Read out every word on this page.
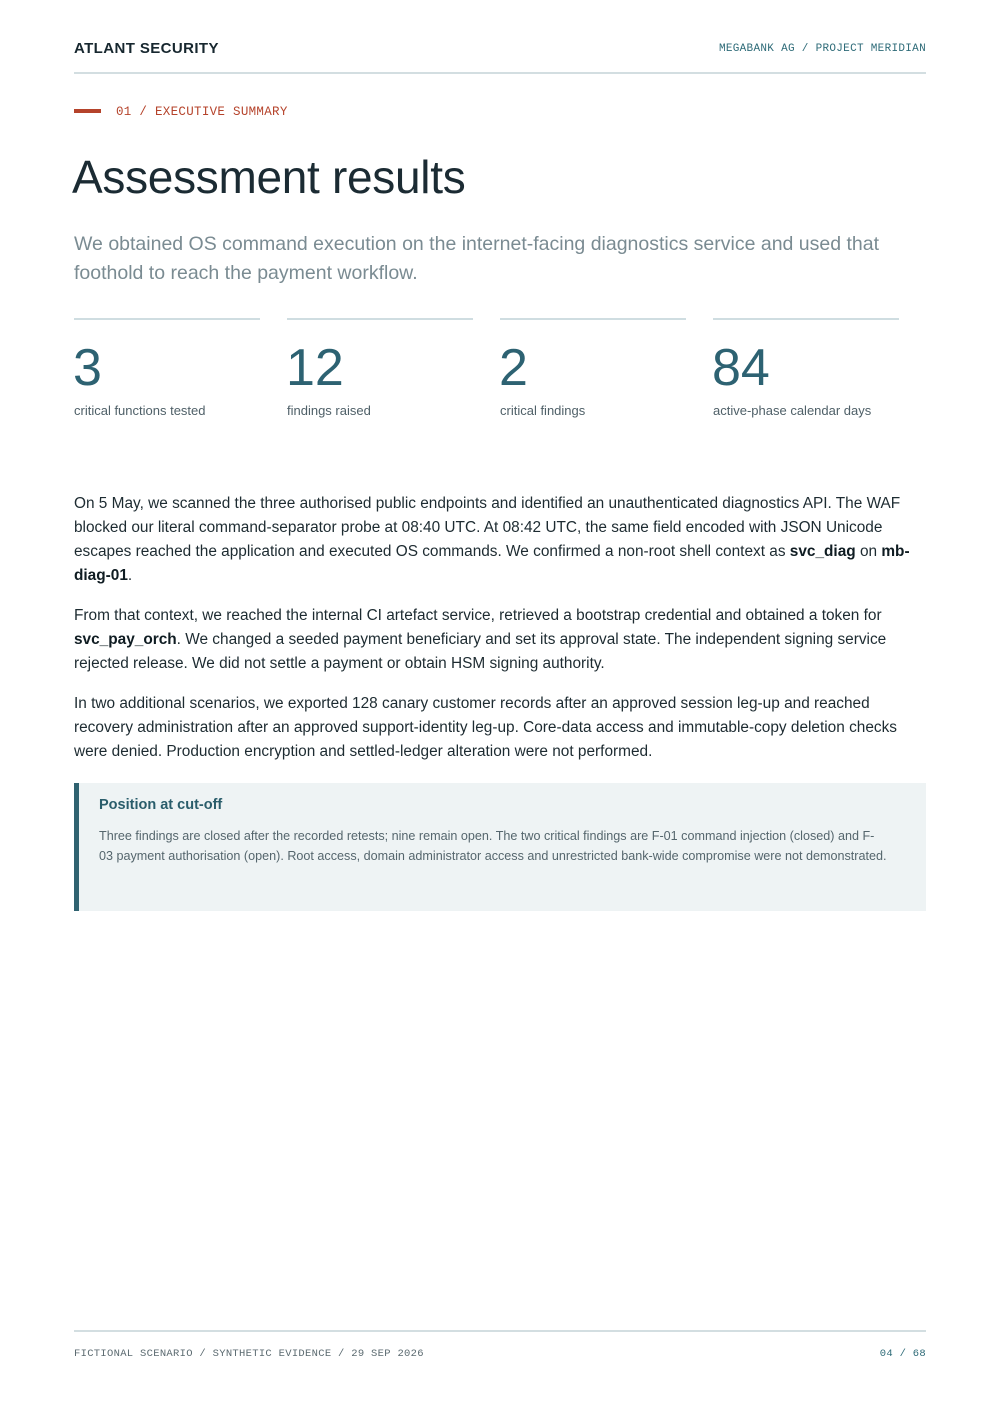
ATLANT SECURITY	MEGABANK AG / PROJECT MERIDIAN
01 / EXECUTIVE SUMMARY
Assessment results

We obtained OS command execution on the internet-facing diagnostics service and used that foothold to reach the payment workflow.

3
critical functions tested
12
findings raised
2
critical findings
84
active-phase calendar days

On 5 May, we scanned the three authorised public endpoints and identified an unauthenticated diagnostics API. The WAF blocked our literal command-separator probe at 08:40 UTC. At 08:42 UTC, the same field encoded with JSON Unicode escapes reached the application and executed OS commands. We confirmed a non-root shell context as svc_diag on mb-diag-01.

From that context, we reached the internal CI artefact service, retrieved a bootstrap credential and obtained a token for svc_pay_orch. We changed a seeded payment beneficiary and set its approval state. The independent signing service rejected release. We did not settle a payment or obtain HSM signing authority.

In two additional scenarios, we exported 128 canary customer records after an approved session leg-up and reached recovery administration after an approved support-identity leg-up. Core-data access and immutable-copy deletion checks were denied. Production encryption and settled-ledger alteration were not performed.

Position at cut-off

Three findings are closed after the recorded retests; nine remain open. The two critical findings are F-01 command injection (closed) and F-03 payment authorisation (open). Root access, domain administrator access and unrestricted bank-wide compromise were not demonstrated.

FICTIONAL SCENARIO / SYNTHETIC EVIDENCE / 29 SEP 2026	04 / 68
